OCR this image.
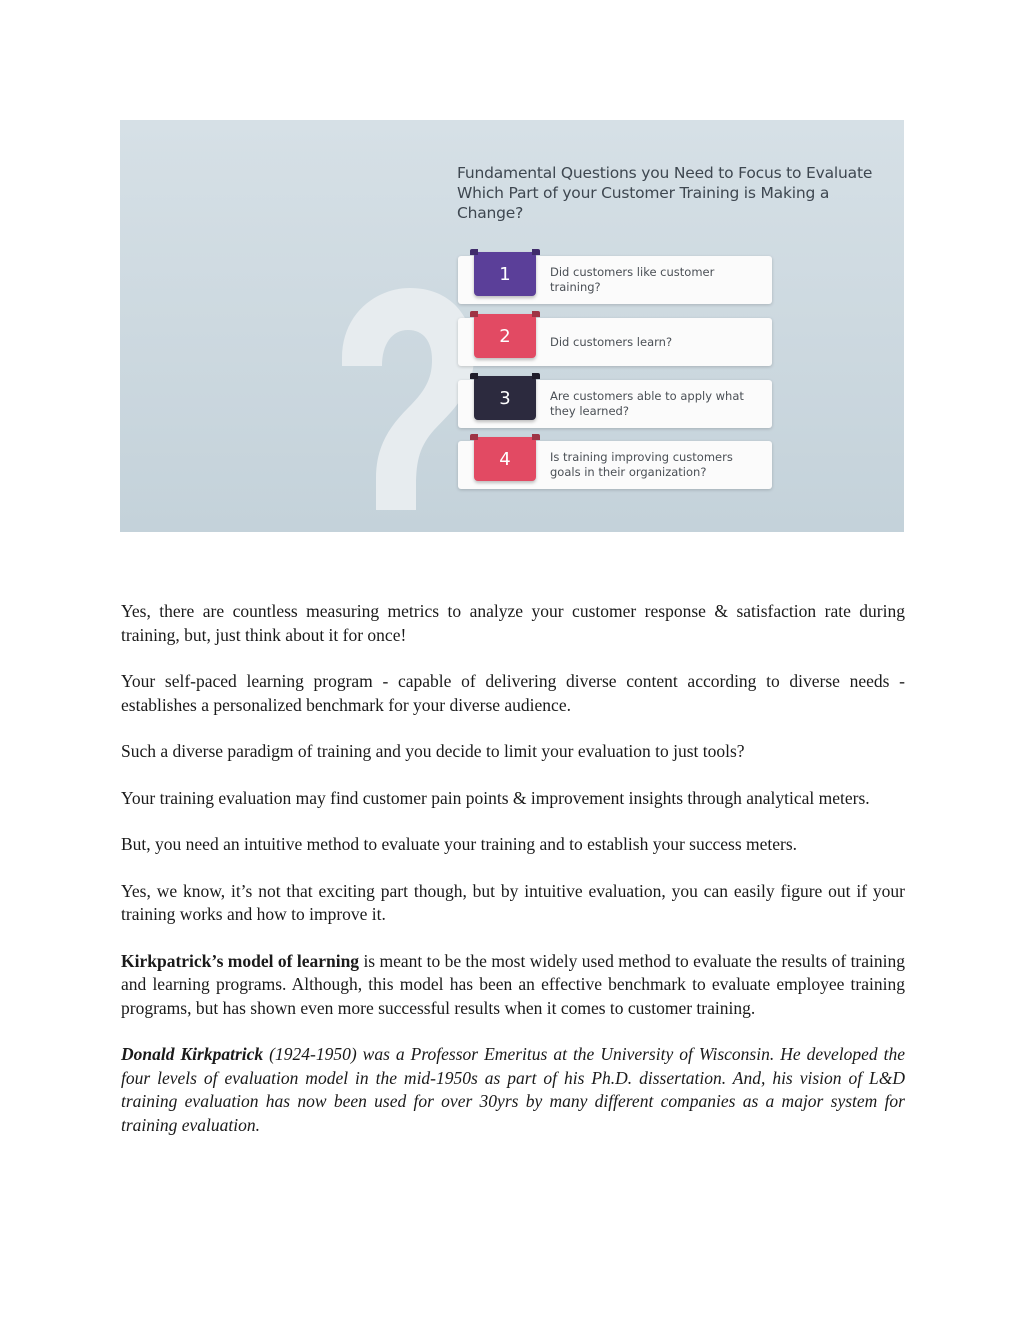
Fundamental Questions you Need to Focus to Evaluate Which Part of your Customer Training is Making a Change?
1	Did customers like customer training?
2	Did customers learn?
3	Are customers able to apply what they learned?
4	Is training improving customers goals in their organization?

Yes, there are countless measuring metrics to analyze your customer response & satisfaction rate during training, but, just think about it for once!

Your self-paced learning program - capable of delivering diverse content according to diverse needs - establishes a personalized benchmark for your diverse audience.

Such a diverse paradigm of training and you decide to limit your evaluation to just tools?

Your training evaluation may find customer pain points & improvement insights through analytical meters.

But, you need an intuitive method to evaluate your training and to establish your success meters.

Yes, we know, it’s not that exciting part though, but by intuitive evaluation, you can easily figure out if your training works and how to improve it.

Kirkpatrick’s model of learning is meant to be the most widely used method to evaluate the results of training and learning programs. Although, this model has been an effective benchmark to evaluate employee training programs, but has shown even more successful results when it comes to customer training.

Donald Kirkpatrick (1924-1950) was a Professor Emeritus at the University of Wisconsin. He developed the four levels of evaluation model in the mid-1950s as part of his Ph.D. dissertation. And, his vision of L&D training evaluation has now been used for over 30yrs by many different companies as a major system for training evaluation.
